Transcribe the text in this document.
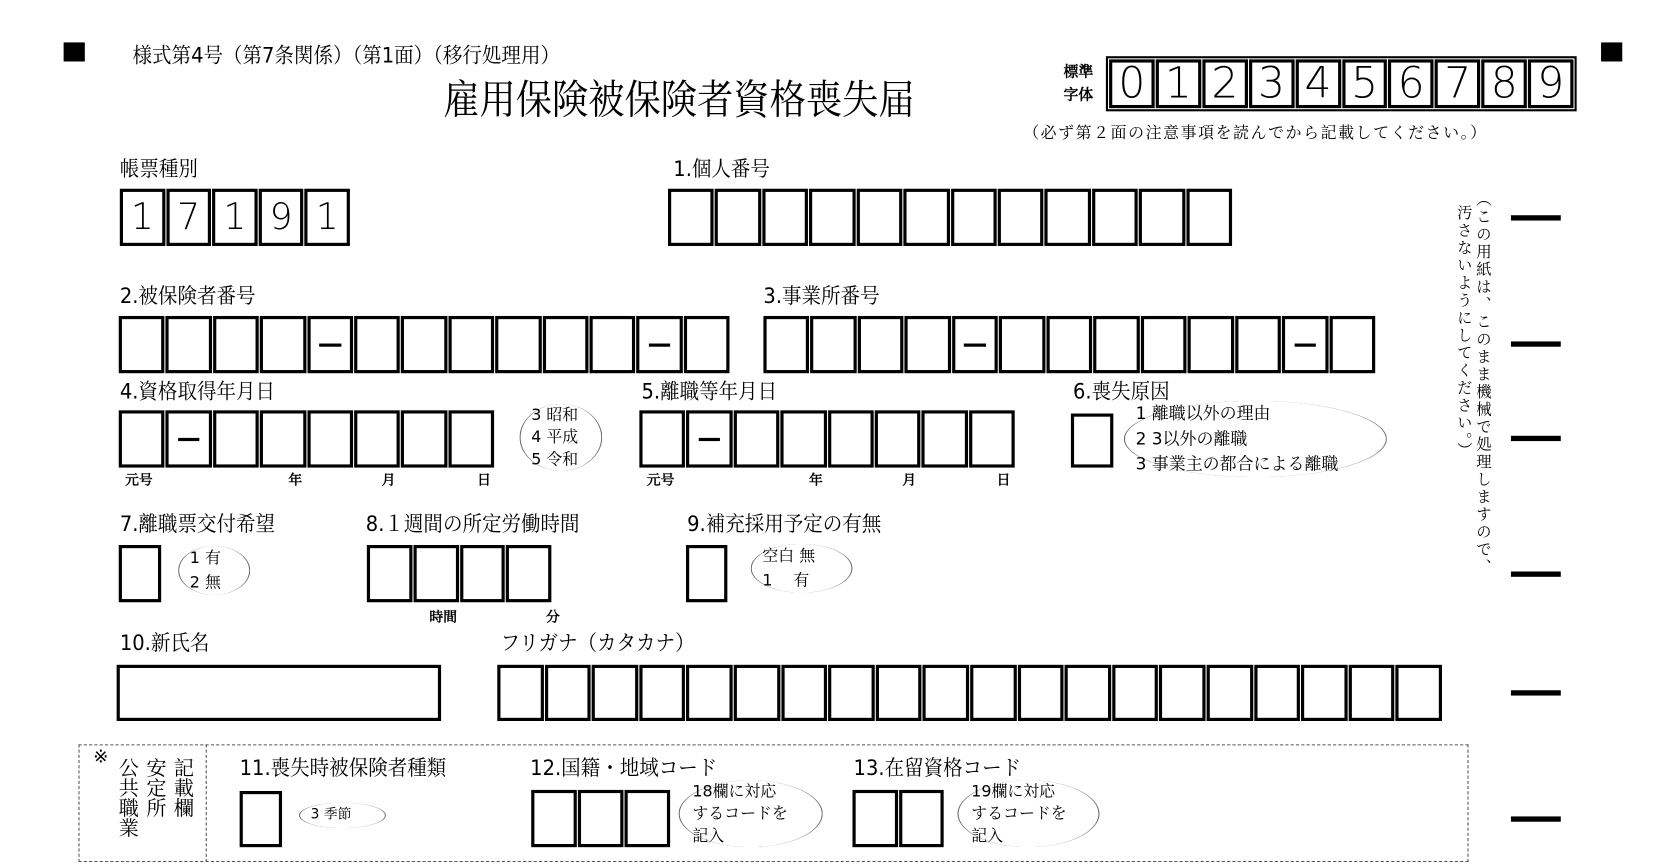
様式第4号（第7条関係）（第1面）（移行処理用）
雇用保険被保険者資格喪失届
標準
字体 0 1 2 3 4 5 6 7 8 9
（必ず第２面の注意事項を読んでから記載してください。）
帳票種別
1 7 1 9 1
1.個人番号
2.被保険者番号	3.事業所番号
4.資格取得年月日
元号	年	月	日
3 昭和
4 平成
5 令和
5.離職等年月日
元号	年	月	日
6.喪失原因
1 離職以外の理由
2 3以外の離職
3 事業主の都合による離職
7.離職票交付希望
1 有
2 無
8.１週間の所定労働時間
時間	分
9.補充採用予定の有無
空白 無
1　 有
10.新氏名	フリガナ（カタカナ）
※
公共職業 安定所 記載欄 11.喪失時被保険者種類
3 季節
12.国籍・地域コード
18欄に対応
するコードを
記入
13.在留資格コード
19欄に対応
するコードを
記入
（この用紙は、このまま機械で処理しますので、
汚さないようにしてください。）
